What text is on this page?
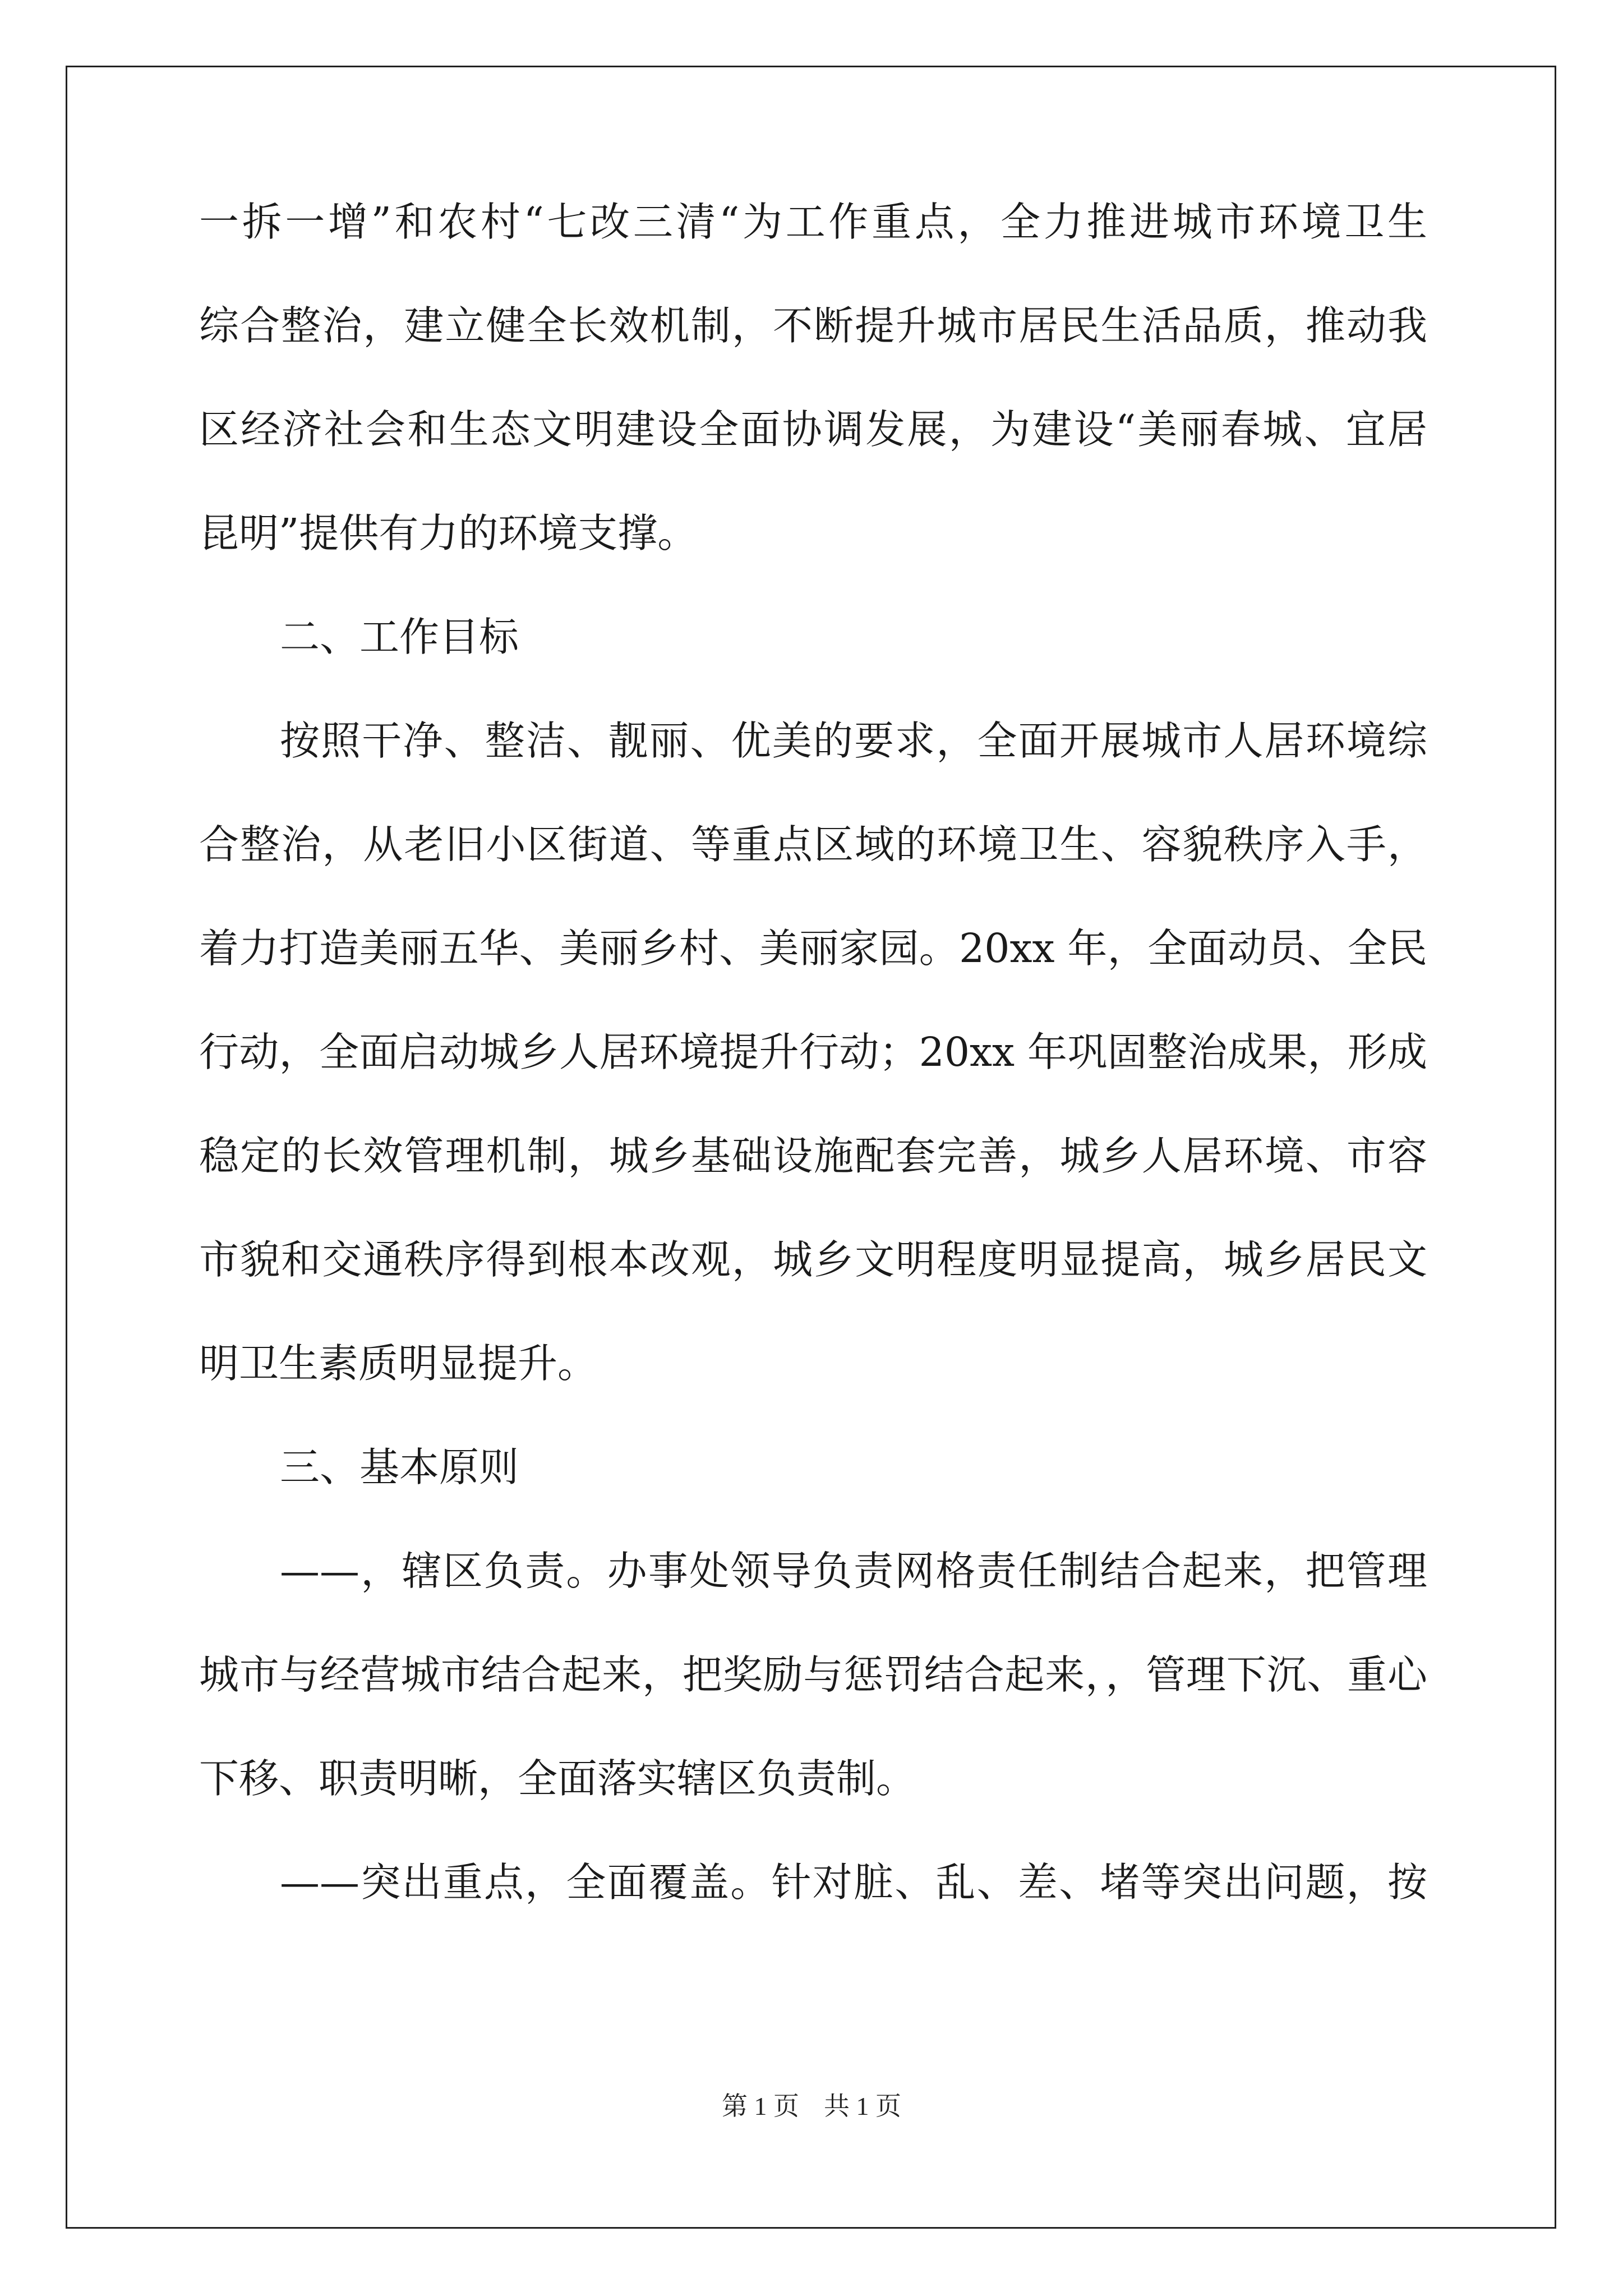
一拆一增”和农村“七改三清“为工作重点，全力推进城市环境卫生
综合整治，建立健全长效机制，不断提升城市居民生活品质，推动我
区经济社会和生态文明建设全面协调发展，为建设“美丽春城、宜居
昆明”提供有力的环境支撑。
二、工作目标
按照干净、整洁、靓丽、优美的要求，全面开展城市人居环境综
合整治，从老旧小区街道、等重点区域的环境卫生、容貌秩序入手，
着力打造美丽五华、美丽乡村、美丽家园。20xx 年，全面动员、全民
行动，全面启动城乡人居环境提升行动；20xx 年巩固整治成果，形成
稳定的长效管理机制，城乡基础设施配套完善，城乡人居环境、市容
市貌和交通秩序得到根本改观，城乡文明程度明显提高，城乡居民文
明卫生素质明显提升。
三、基本原则
——，辖区负责。办事处领导负责网格责任制结合起来，把管理
城市与经营城市结合起来，把奖励与惩罚结合起来，，管理下沉、重心
下移、职责明晰，全面落实辖区负责制。
——突出重点，全面覆盖。针对脏、乱、差、堵等突出问题，按
第 1 页 共 1 页
